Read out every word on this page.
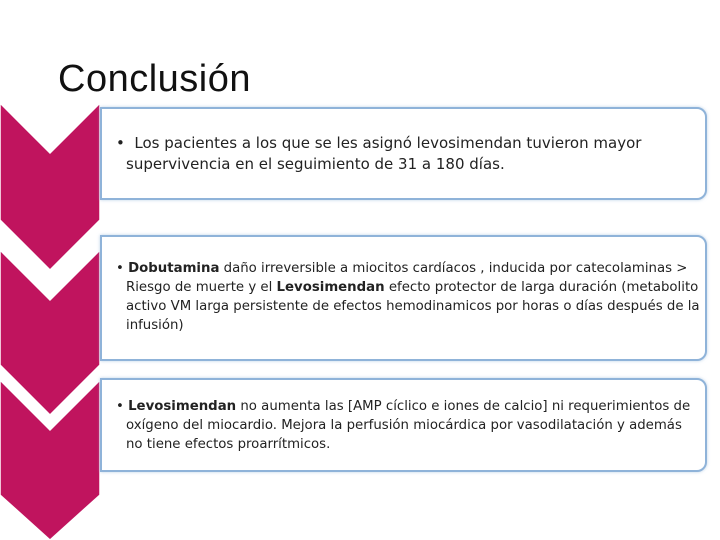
Conclusión
• Los pacientes a los que se les asignó levosimendan tuvieron mayor supervivencia en el seguimiento de 31 a 180 días.
• Dobutamina daño irreversible a miocitos cardíacos , inducida por catecolaminas > Riesgo de muerte y el Levosimendan efecto protector de larga duración (metabolito activo VM larga persistente de efectos hemodinamicos por horas o días después de la infusión)
• Levosimendan no aumenta las [AMP cíclico e iones de calcio] ni requerimientos de oxígeno del miocardio. Mejora la perfusión miocárdica por vasodilatación y además no tiene efectos proarrítmicos.
